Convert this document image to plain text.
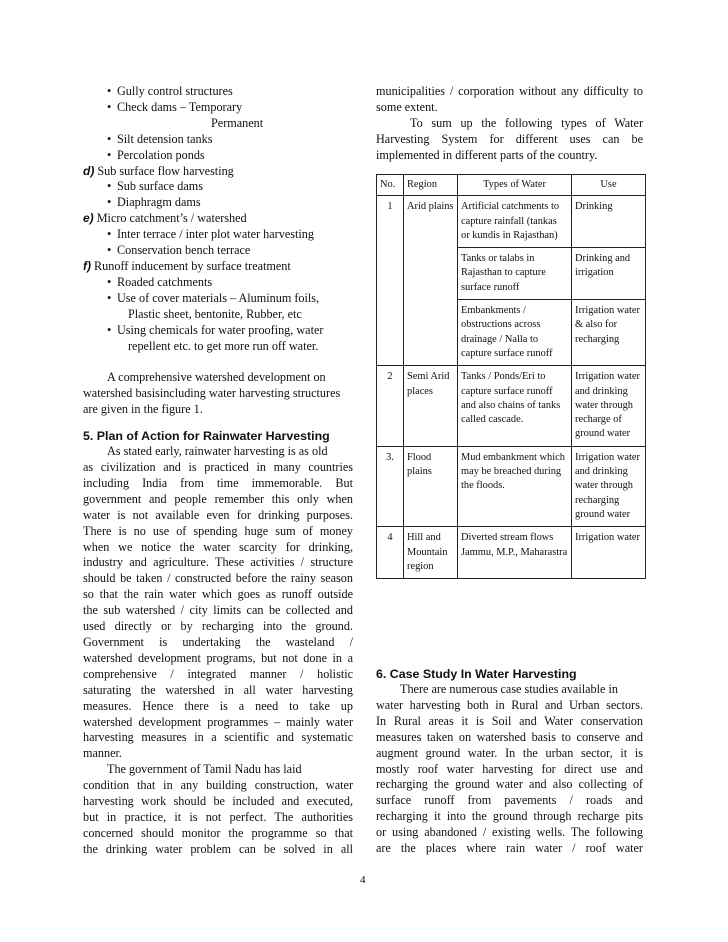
• Gully control structures
• Check dams – Temporary
Permanent
• Silt detension tanks
• Percolation ponds
d) Sub surface flow harvesting
• Sub surface dams
• Diaphragm dams
e) Micro catchment’s / watershed
• Inter terrace / inter plot water harvesting
• Conservation bench terrace
f) Runoff inducement by surface treatment
• Roaded catchments
• Use of cover materials – Aluminum foils,
Plastic sheet, bentonite, Rubber, etc
• Using chemicals for water proofing, water
repellent etc. to get more run off water.
A comprehensive watershed development on
watershed basisincluding water harvesting structures
are given in the figure 1.
5. Plan of Action for Rainwater Harvesting
As stated early, rainwater harvesting is as old
as civilization and is practiced in many countries
including India from time immemorable. But
government and people remember this only when
water is not available even for drinking purposes.
There is no use of spending huge sum of money
when we notice the water scarcity for drinking,
industry and agriculture. These activities / structure
should be taken / constructed before the rainy season
so that the rain water which goes as runoff outside
the sub watershed / city limits can be collected and
used directly or by recharging into the ground.
Government is undertaking the wasteland /
watershed development programs, but not done in a
comprehensive / integrated manner / holistic
saturating the watershed in all water harvesting
measures. Hence there is a need to take up
watershed development programmes – mainly water
harvesting measures in a scientific and systematic
manner.
The government of Tamil Nadu has laid
condition that in any building construction, water
harvesting work should be included and executed,
but in practice, it is not perfect. The authorities
concerned should monitor the programme so that
the drinking water problem can be solved in all
municipalities / corporation without any difficulty to
some extent.
To sum up the following types of Water
Harvesting System for different uses can be
implemented in different parts of the country.
No.	Region	Types of Water	Use
1	Arid plains	Artificial catchments to capture rainfall (tankas or kundis in Rajasthan)	Drinking
		Tanks or talabs in Rajasthan to capture surface runoff	Drinking and irrigation
		Embankments / obstructions across drainage / Nalla to capture surface runoff	Irrigation water & also for recharging
2	Semi Arid places	Tanks / Ponds/Eri to capture surface runoff and also chains of tanks called cascade.	Irrigation water and drinking water through recharge of ground water
3.	Flood plains	Mud embankment which may be breached during the floods.	Irrigation water and drinking water through recharging ground water
4	Hill and Mountain region	Diverted stream flows Jammu, M.P., Maharastra	Irrigation water
6. Case Study In Water Harvesting
There are numerous case studies available in
water harvesting both in Rural and Urban sectors.
In Rural areas it is Soil and Water conservation
measures taken on watershed basis to conserve and
augment ground water. In the urban sector, it is
mostly roof water harvesting for direct use and
recharging the ground water and also collecting of
surface runoff from pavements / roads and
recharging it into the ground through recharge pits
or using abandoned / existing wells. The following
are the places where rain water / roof water
4
